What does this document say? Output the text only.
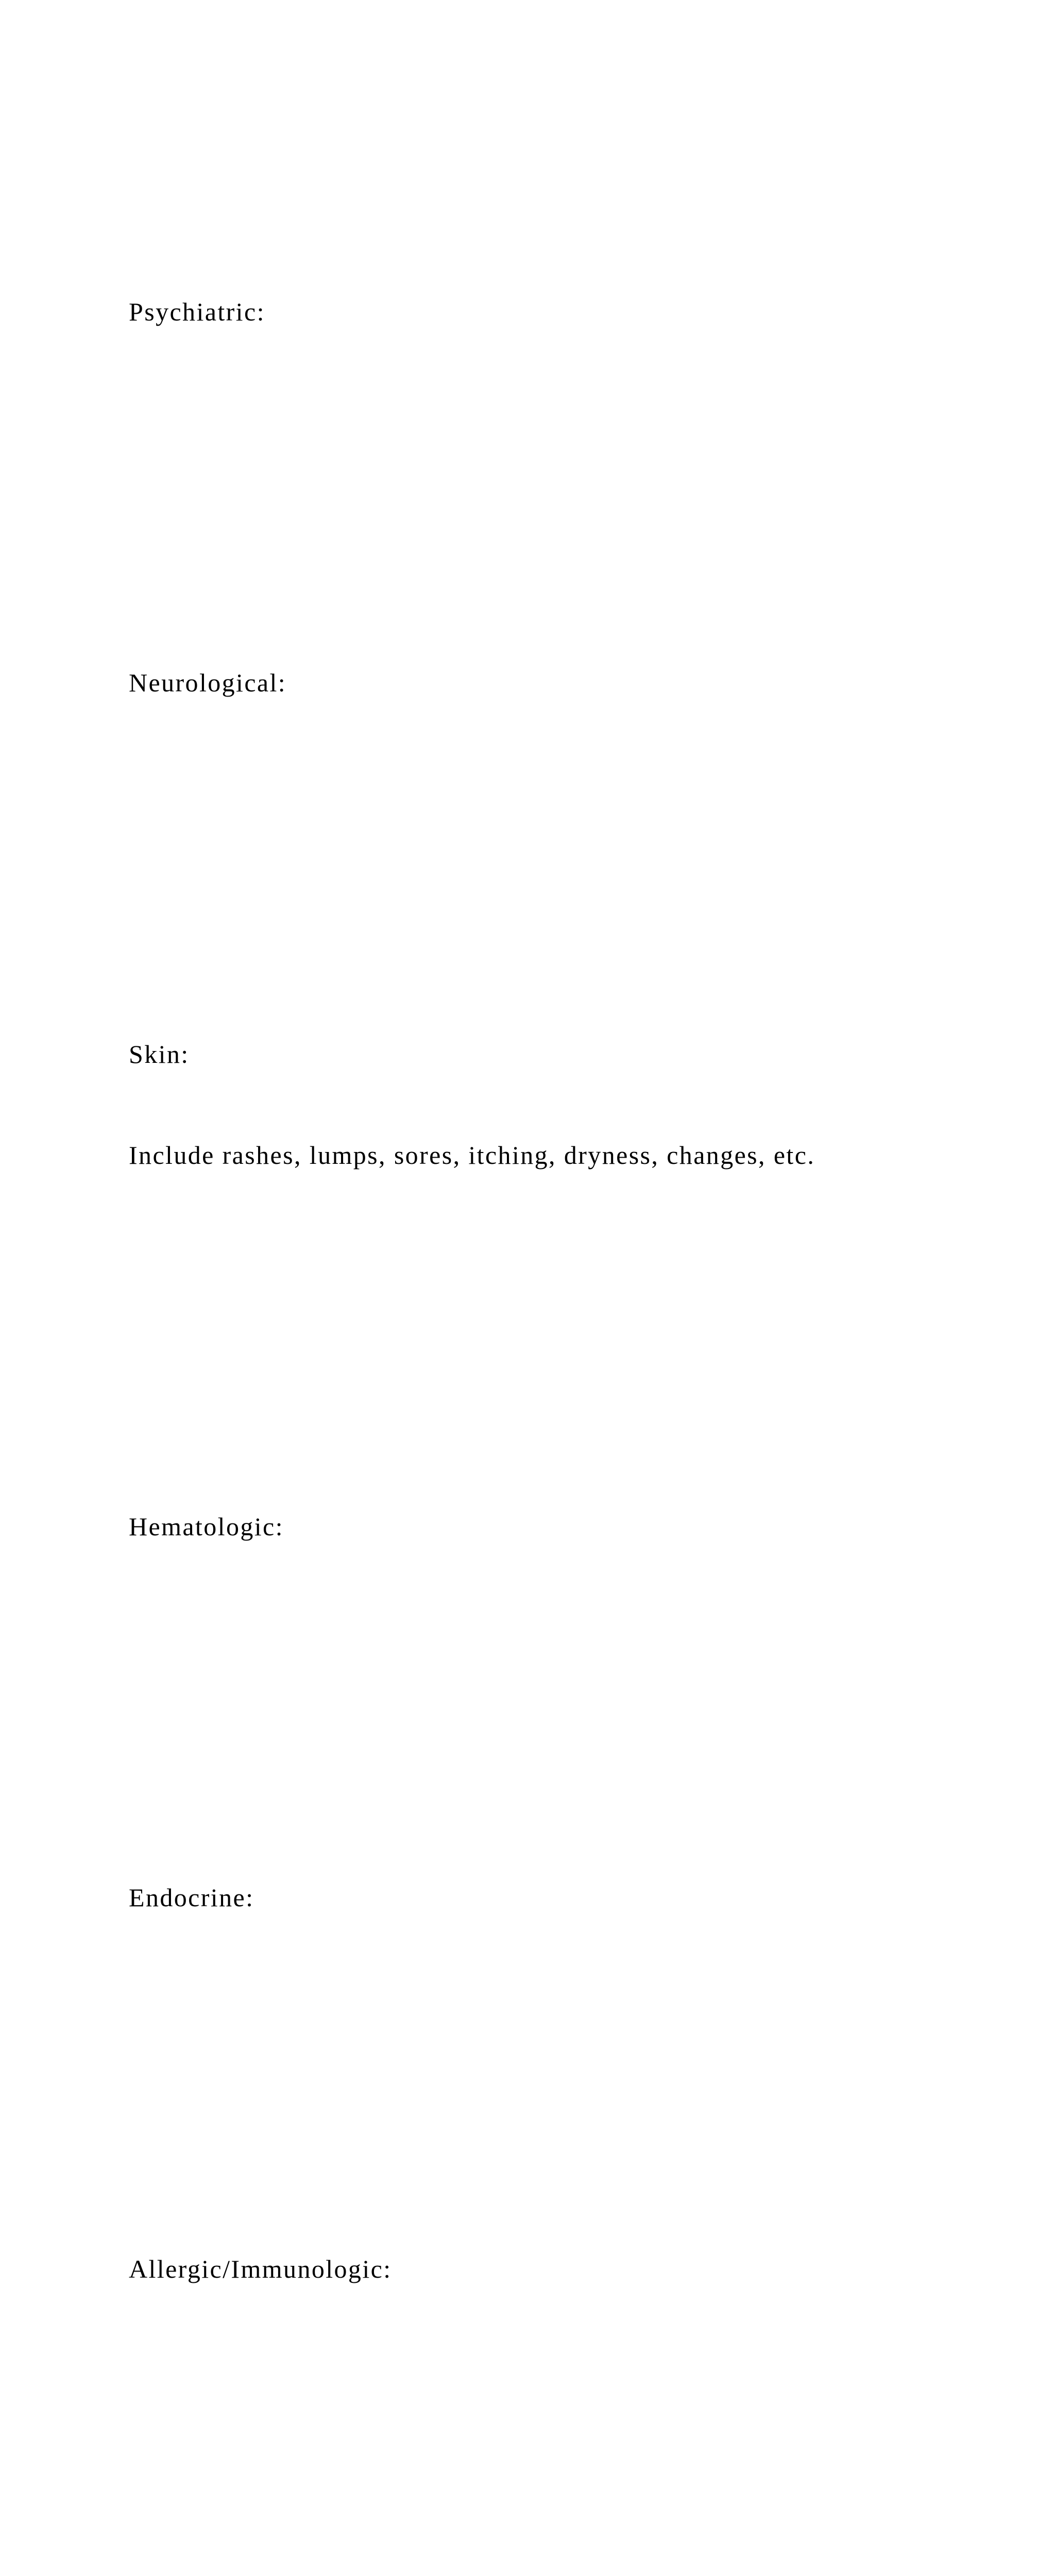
Psychiatric:

Neurological:

Skin:

Include rashes, lumps, sores, itching, dryness, changes, etc.

Hematologic:

Endocrine:

Allergic/Immunologic:
